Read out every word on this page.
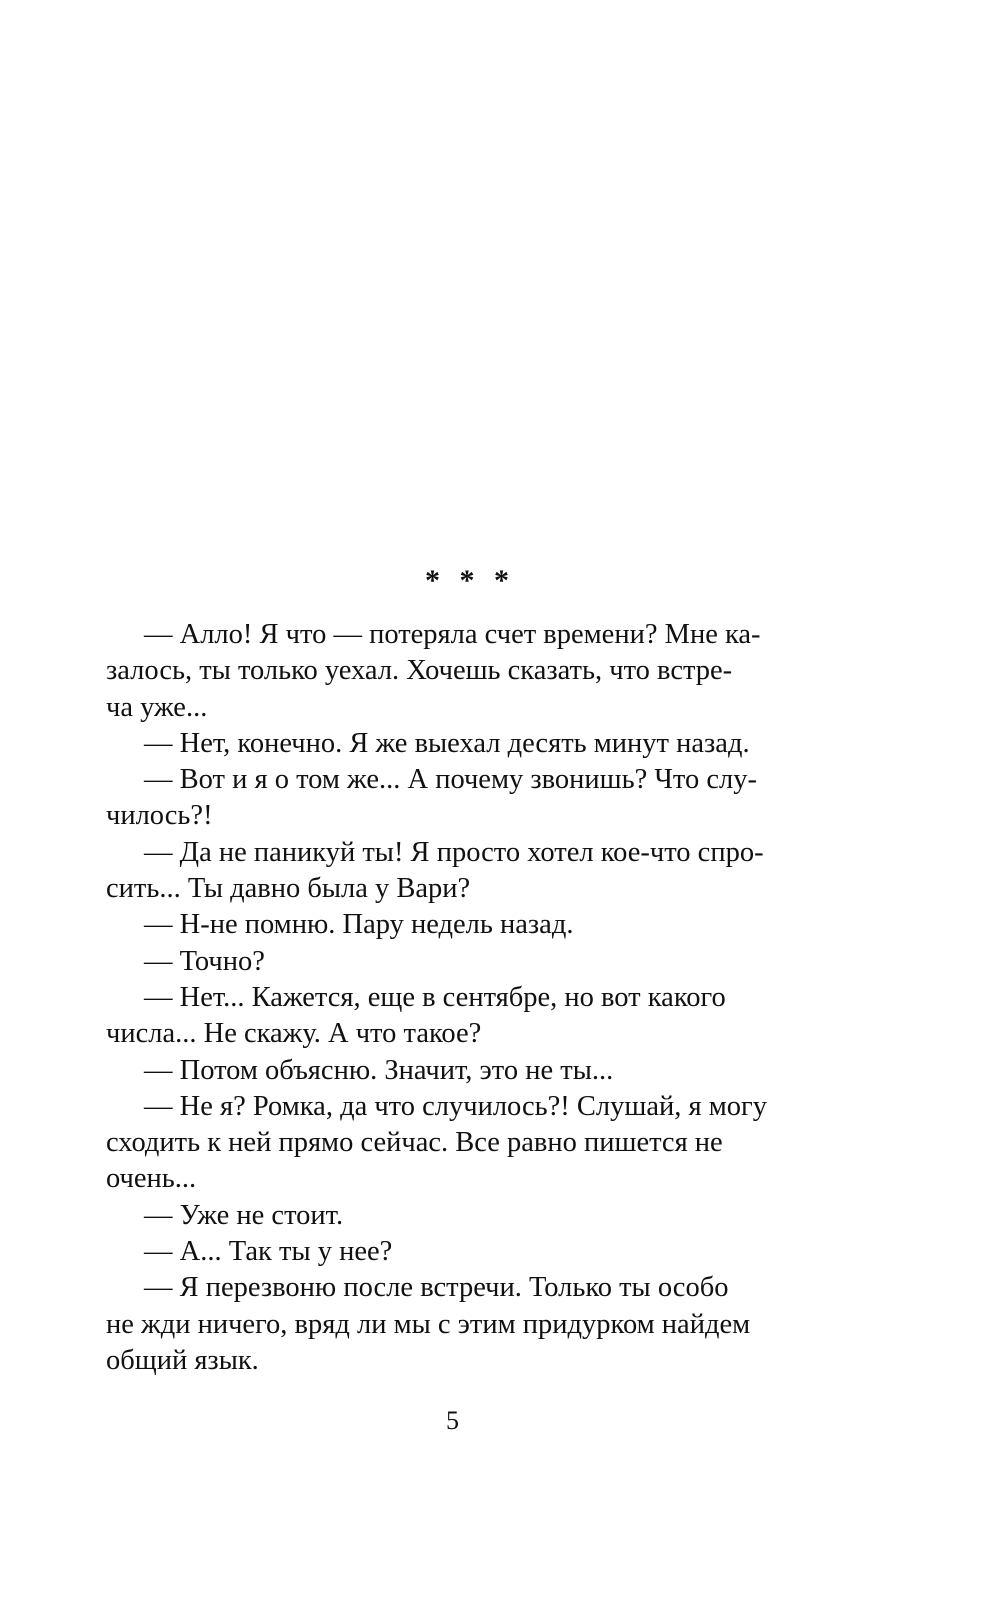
* * *

— Алло! Я что — потеряла счет времени? Мне ка-

залось, ты только уехал. Хочешь сказать, что встре-

ча уже...

— Нет, конечно. Я же выехал десять минут назад.

— Вот и я о том же... А почему звонишь? Что слу-

чилось?!

— Да не паникуй ты! Я просто хотел кое-что спро-

сить... Ты давно была у Вари?

— Н-не помню. Пару недель назад.

— Точно?

— Нет... Кажется, еще в сентябре, но вот какого

числа... Не скажу. А что такое?

— Потом объясню. Значит, это не ты...

— Не я? Ромка, да что случилось?! Слушай, я могу

сходить к ней прямо сейчас. Все равно пишется не

очень...

— Уже не стоит.

— А... Так ты у нее?

— Я перезвоню после встречи. Только ты особо

не жди ничего, вряд ли мы с этим придурком найдем

общий язык.

5
